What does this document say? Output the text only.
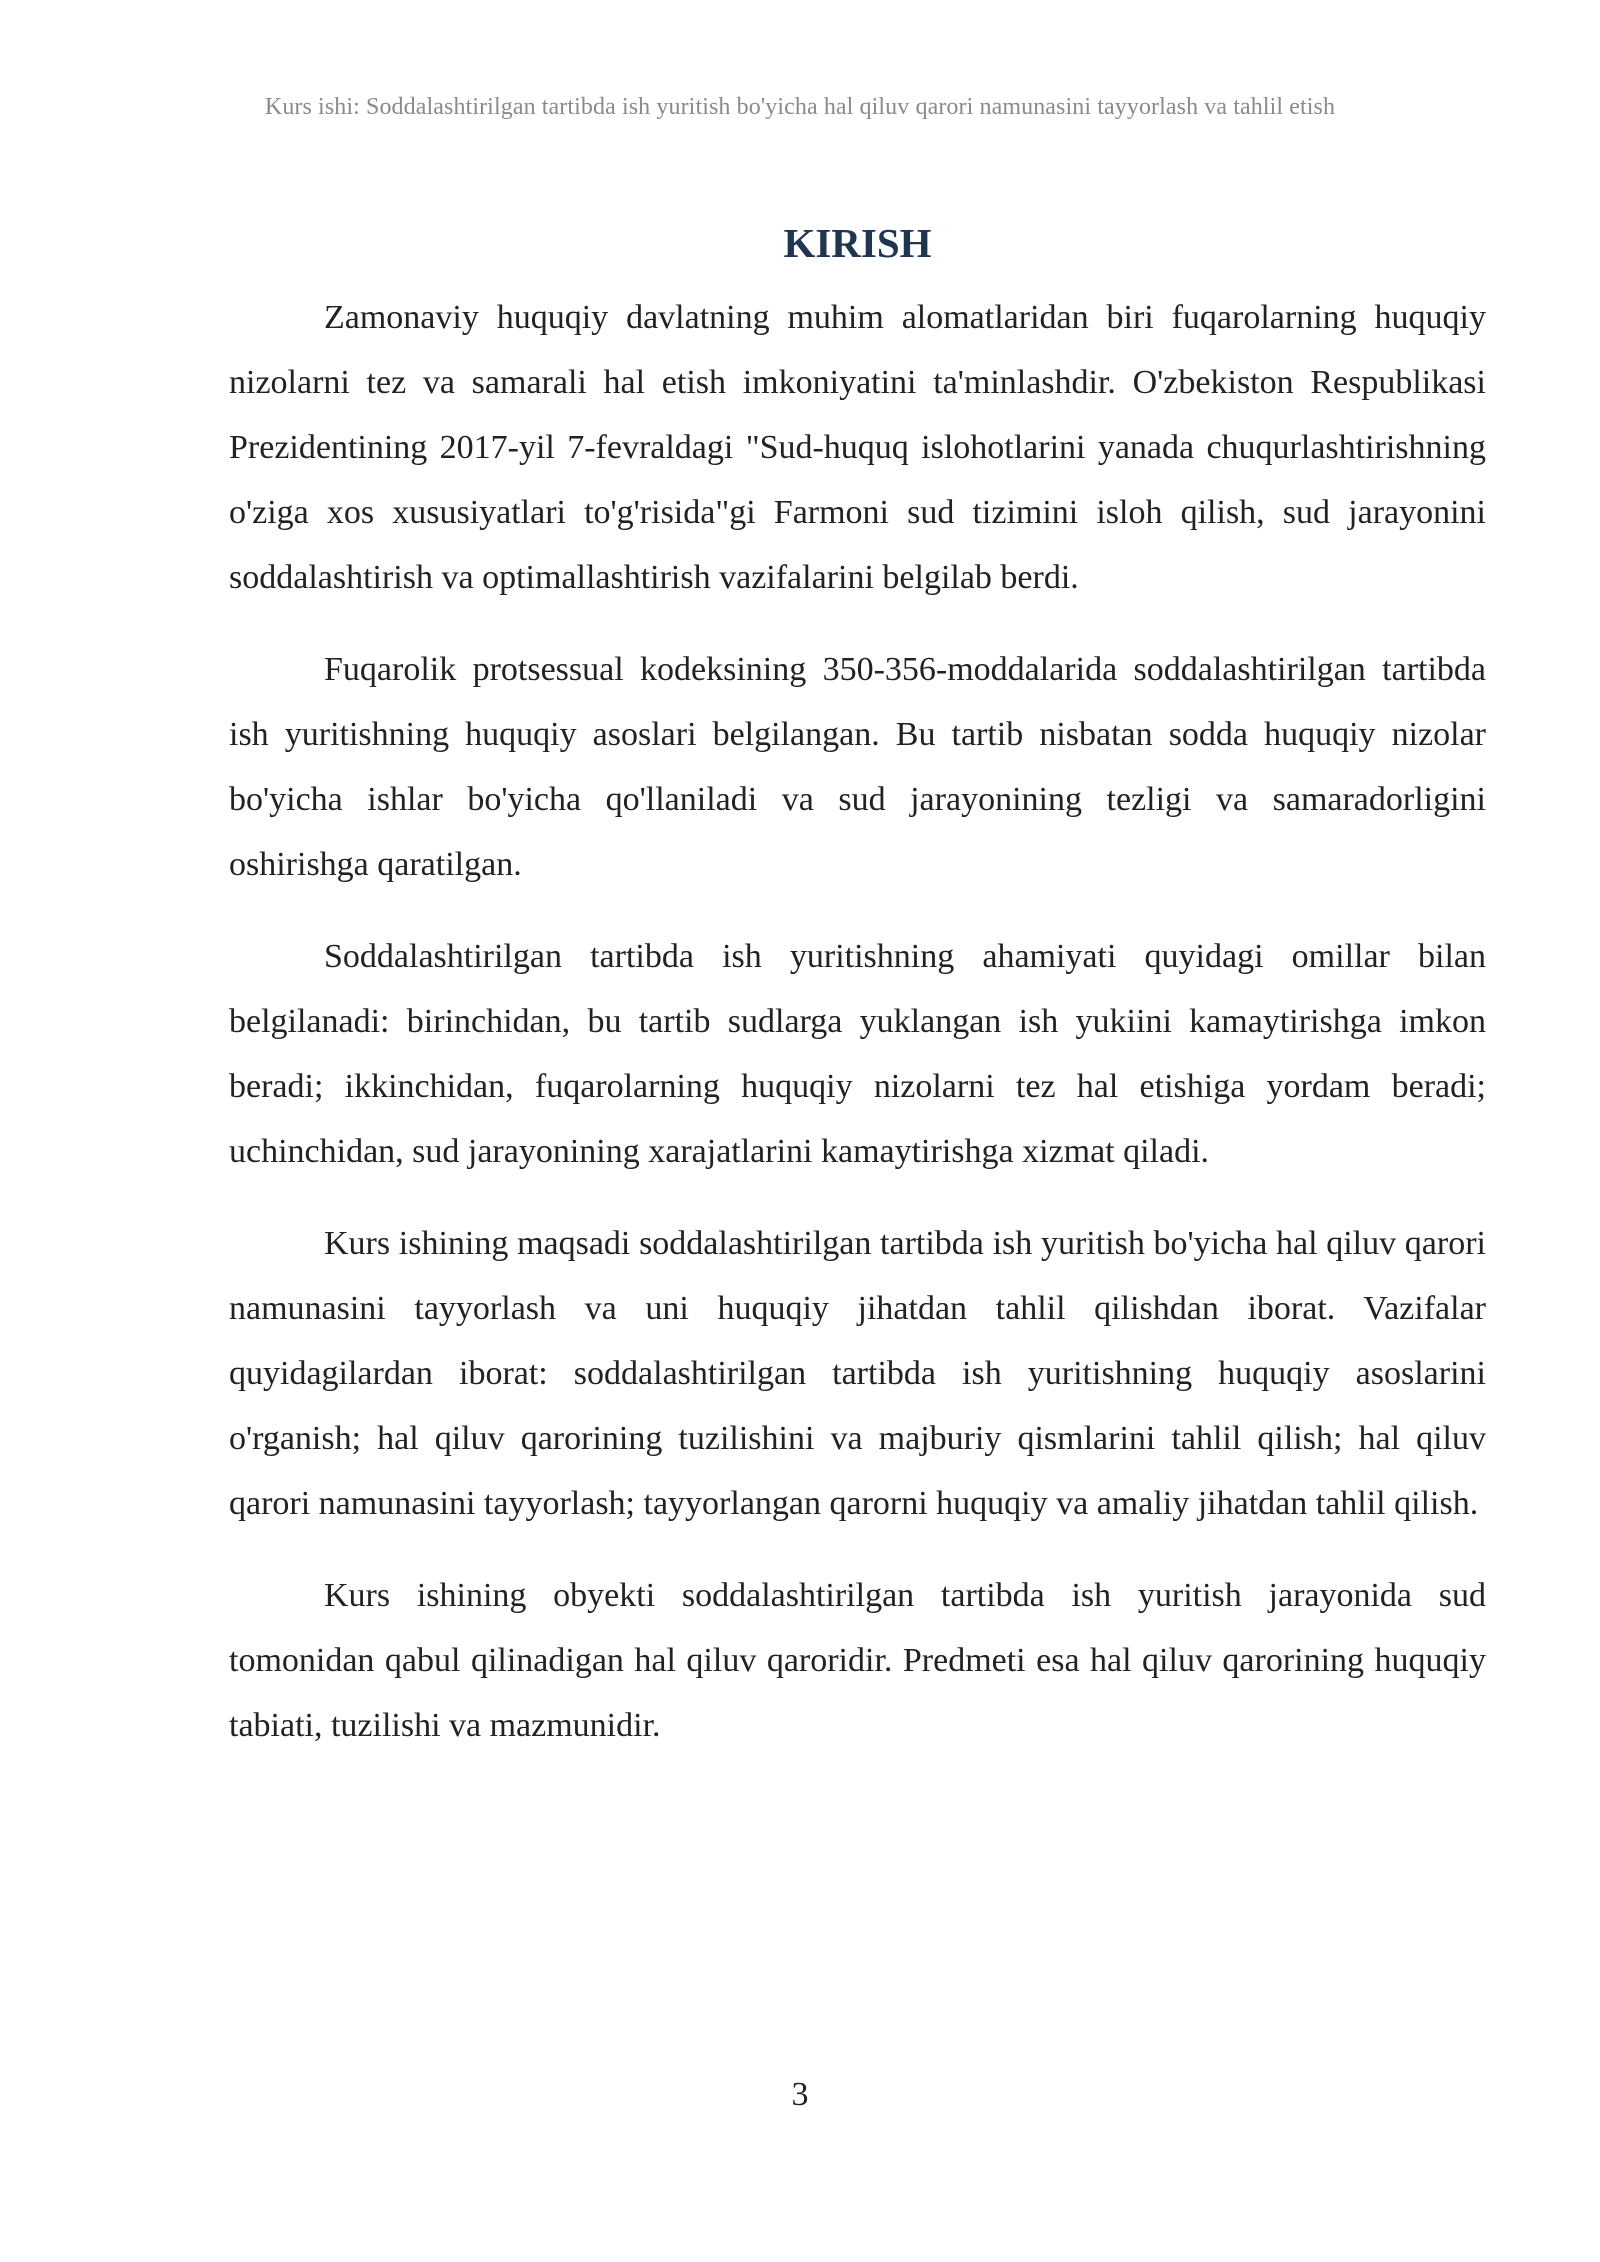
Kurs ishi: Soddalashtirilgan tartibda ish yuritish bo'yicha hal qiluv qarori namunasini tayyorlash va tahlil etish
KIRISH

Zamonaviy huquqiy davlatning muhim alomatlaridan biri fuqarolarning huquqiy nizolarni tez va samarali hal etish imkoniyatini ta'minlashdir. O'zbekiston Respublikasi Prezidentining 2017-yil 7-fevraldagi "Sud-huquq islohotlarini yanada chuqurlashtirishning o'ziga xos xususiyatlari to'g'risida"gi Farmoni sud tizimini isloh qilish, sud jarayonini soddalashtirish va optimallashtirish vazifalarini belgilab berdi.

Fuqarolik protsessual kodeksining 350-356-moddalarida soddalashtirilgan tartibda ish yuritishning huquqiy asoslari belgilangan. Bu tartib nisbatan sodda huquqiy nizolar bo'yicha ishlar bo'yicha qo'llaniladi va sud jarayonining tezligi va samaradorligini oshirishga qaratilgan.

Soddalashtirilgan tartibda ish yuritishning ahamiyati quyidagi omillar bilan belgilanadi: birinchidan, bu tartib sudlarga yuklangan ish yukiini kamaytirishga imkon beradi; ikkinchidan, fuqarolarning huquqiy nizolarni tez hal etishiga yordam beradi; uchinchidan, sud jarayonining xarajatlarini kamaytirishga xizmat qiladi.

Kurs ishining maqsadi soddalashtirilgan tartibda ish yuritish bo'yicha hal qiluv qarori namunasini tayyorlash va uni huquqiy jihatdan tahlil qilishdan iborat. Vazifalar quyidagilardan iborat: soddalashtirilgan tartibda ish yuritishning huquqiy asoslarini o'rganish; hal qiluv qarorining tuzilishini va majburiy qismlarini tahlil qilish; hal qiluv qarori namunasini tayyorlash; tayyorlangan qarorni huquqiy va amaliy jihatdan tahlil qilish.

Kurs ishining obyekti soddalashtirilgan tartibda ish yuritish jarayonida sud tomonidan qabul qilinadigan hal qiluv qaroridir. Predmeti esa hal qiluv qarorining huquqiy tabiati, tuzilishi va mazmunidir.

3
